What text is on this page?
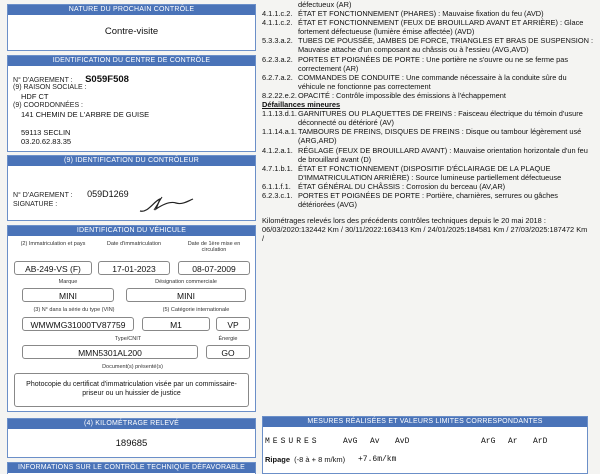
NATURE DU PROCHAIN CONTRÔLE
Contre-visite
IDENTIFICATION DU CENTRE DE CONTRÔLE
N° D'AGREMENT : S059F508
(9) RAISON SOCIALE :
HDF CT
(9) COORDONNÉES :
141 CHEMIN DE L'ARBRE DE GUISE
59113 SECLIN
03.20.62.83.35
(9) IDENTIFICATION DU CONTRÔLEUR
N° D'AGREMENT : 059D1269
SIGNATURE :
IDENTIFICATION DU VÉHICULE
(2) Immatriculation et pays	Date d'immatriculation	Date de 1ère mise en circulation
AB-249-VS (F)	17-01-2023	08-07-2009
Marque	Désignation commerciale
MINI	MINI
(3) N° dans la série du type (VIN)	(5) Catégorie internationale
WMWMG31000TV87759	M1	VP
Type/CNIT	Énergie
MMN5301AL200	GO
Document(s) présenté(s)
Photocopie du certificat d'immatriculation visée par un commissaire-priseur ou un huissier de justice
(4) KILOMÉTRAGE RELEVÉ
189685
INFORMATIONS SUR LE CONTRÔLE TECHNIQUE DÉFAVORABLE
défectueux (AR)
4.1.1.c.2. ÉTAT ET FONCTIONNEMENT (PHARES) : Mauvaise fixation du feu (AVD)
4.1.1.c.2. ÉTAT ET FONCTIONNEMENT (FEUX DE BROUILLARD AVANT ET ARRIÈRE) : Glace fortement défectueuse (lumière émise affectée) (AVD)
5.3.3.a.2. TUBES DE POUSSÉE, JAMBES DE FORCE, TRIANGLES ET BRAS DE SUSPENSION : Mauvaise attache d'un composant au châssis ou à l'essieu (AVG,AVD)
6.2.3.a.2. PORTES ET POIGNÉES DE PORTE : Une portière ne s'ouvre ou ne se ferme pas correctement (AR)
6.2.7.a.2. COMMANDES DE CONDUITE : Une commande nécessaire à la conduite sûre du véhicule ne fonctionne pas correctement
8.2.22.e.2. OPACITÉ : Contrôle impossible des émissions à l'échappement
Défaillances mineures
1.1.13.d.1. GARNITURES OU PLAQUETTES DE FREINS : Faisceau électrique du témoin d'usure déconnecté ou détérioré (AV)
1.1.14.a.1. TAMBOURS DE FREINS, DISQUES DE FREINS : Disque ou tambour légèrement usé (ARG,ARD)
4.1.2.a.1. RÉGLAGE (FEUX DE BROUILLARD AVANT) : Mauvaise orientation horizontale d'un feu de brouillard avant (D)
4.7.1.b.1. ÉTAT ET FONCTIONNEMENT (DISPOSITIF D'ÉCLAIRAGE DE LA PLAQUE D'IMMATRICULATION ARRIÈRE) : Source lumineuse partiellement défectueuse
6.1.1.f.1. ÉTAT GÉNÉRAL DU CHÂSSIS : Corrosion du berceau (AV,AR)
6.2.3.c.1. PORTES ET POIGNÉES DE PORTE : Portière, charnières, serrures ou gâches détériorées (AVG)
Kilométrages relevés lors des précédents contrôles techniques depuis le 20 mai 2018 : 06/03/2020:132442 Km / 30/11/2022:163413 Km / 24/01/2025:184581 Km / 27/03/2025:187472 Km /
MESURES RÉALISÉES ET VALEURS LIMITES CORRESPONDANTES
MESURES	AvG Av AvD	ArG Ar ArD
Ripage (-8 à + 8 m/km) +7.6m/km
